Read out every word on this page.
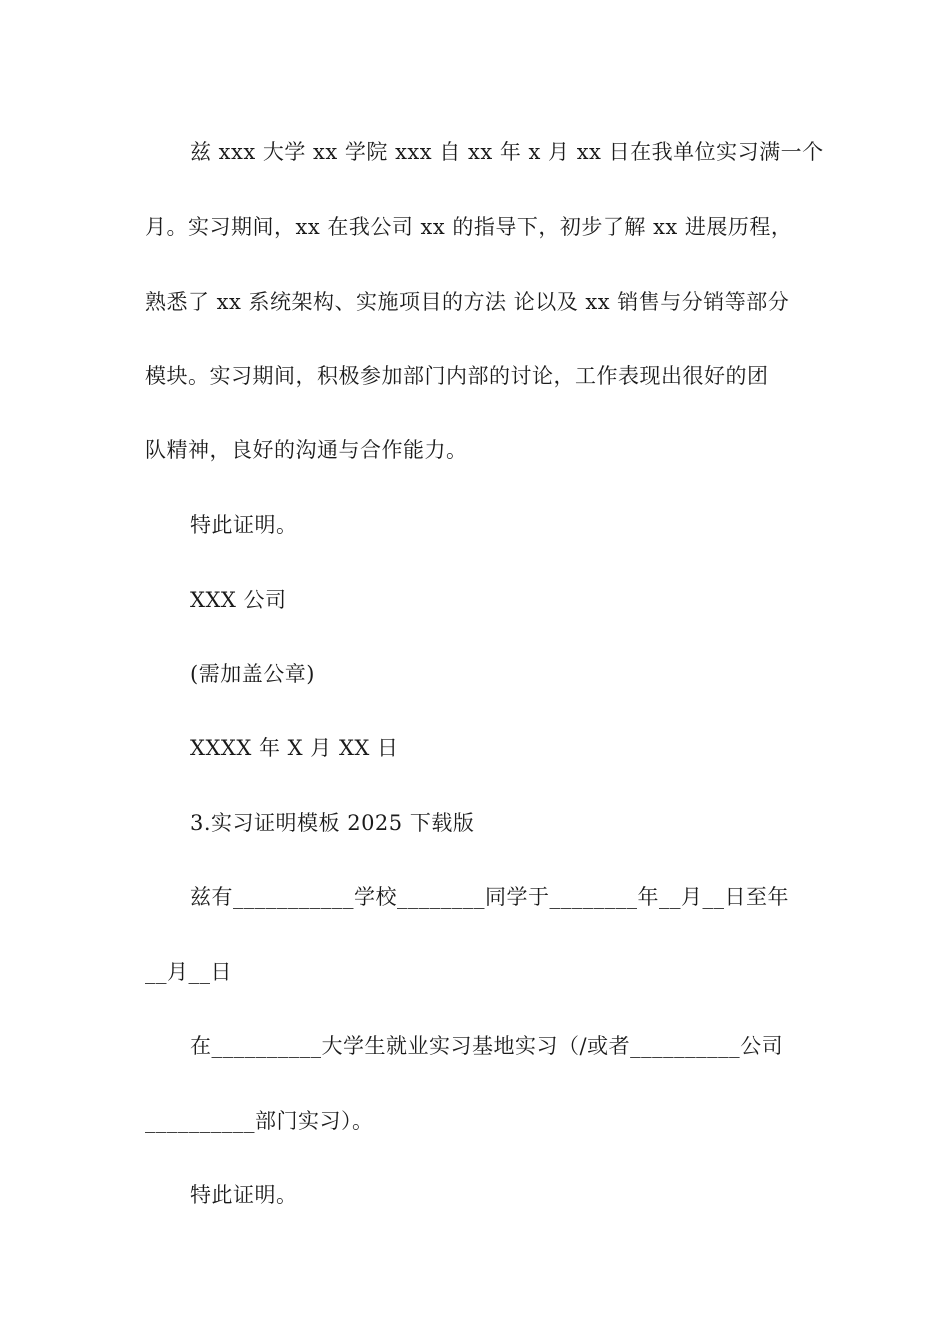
兹 xxx 大学 xx 学院 xxx 自 xx 年 x 月 xx 日在我单位实习满一个
月。实习期间，xx 在我公司 xx 的指导下，初步了解 xx 进展历程，
熟悉了 xx 系统架构、实施项目的方法 论以及 xx 销售与分销等部分
模块。实习期间，积极参加部门内部的讨论，工作表现出很好的团
队精神，良好的沟通与合作能力。
特此证明。
XXX 公司
(需加盖公章)
XXXX 年 X 月 XX 日
3.实习证明模板 2025 下载版
兹有___________学校________同学于________年__月__日至年
__月__日
在__________大学生就业实习基地实习（/或者__________公司
__________部门实习）。
特此证明。
